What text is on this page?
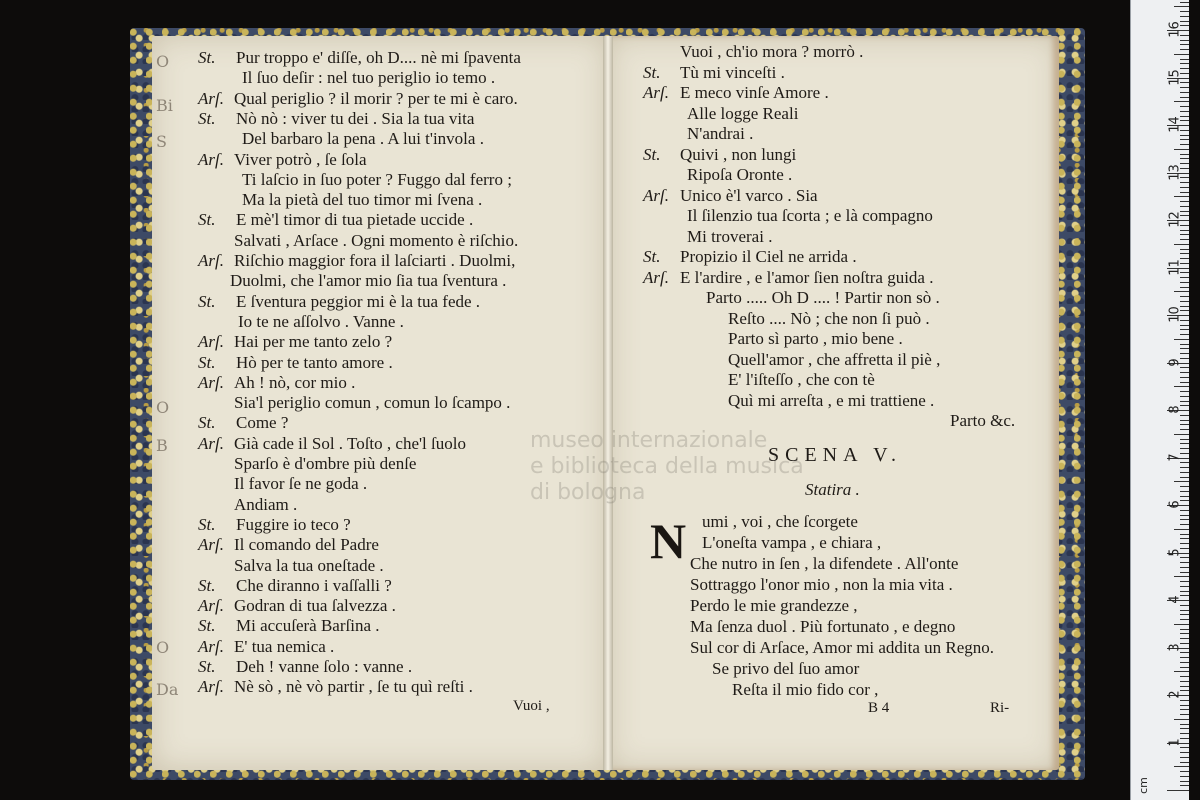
museo internazionale
e biblioteca della musica
di bologna
O
Bi
S
O
B
O
Da
St. Pur troppo e' diſſe, oh D.... nè mi ſpaventa
Il ſuo deſir : nel tuo periglio io temo .
Arſ. Qual periglio ? il morir ? per te mi è caro.
St. Nò nò : viver tu dei . Sia la tua vita
Del barbaro la pena . A lui t'invola .
Arſ. Viver potrò , ſe ſola
Ti laſcio in ſuo poter ? Fuggo dal ferro ;
Ma la pietà del tuo timor mi ſvena .
St. E mè'l timor di tua pietade uccide .
Salvati , Arſace . Ogni momento è riſchio.
Arſ. Riſchio maggior fora il laſciarti . Duolmi,
Duolmi, che l'amor mio ſia tua ſventura .
St. E ſventura peggior mi è la tua fede .
Io te ne aſſolvo . Vanne .
Arſ. Hai per me tanto zelo ?
St. Hò per te tanto amore .
Arſ. Ah ! nò, cor mio .
Sia'l periglio comun , comun lo ſcampo .
St. Come ?
Arſ. Già cade il Sol . Toſto , che'l ſuolo
Sparſo è d'ombre più denſe
Il favor ſe ne goda .
Andiam .
St. Fuggire io teco ?
Arſ. Il comando del Padre
Salva la tua oneſtade .
St. Che diranno i vaſſalli ?
Arſ. Godran di tua ſalvezza .
St. Mi accuſerà Barſina .
Arſ. E' tua nemica .
St. Deh ! vanne ſolo : vanne .
Arſ. Nè sò , nè vò partir , ſe tu quì reſti .
Vuoi ,
Vuoi , ch'io mora ? morrò .
St. Tù mi vinceſti .
Arſ. E meco vinſe Amore .
Alle logge Reali
N'andrai .
St. Quivi , non lungi
Ripoſa Oronte .
Arſ. Unico è'l varco . Sia
Il ſilenzio tua ſcorta ; e là compagno
Mi troverai .
St. Propizio il Ciel ne arrida .
Arſ. E l'ardire , e l'amor ſien noſtra guida .
Parto ..... Oh D .... ! Partir non sò .
Reſto .... Nò ; che non ſi può .
Parto sì parto , mio bene .
Quell'amor , che affretta il piè ,
E' l'iſteſſo , che con tè
Quì mi arreſta , e mi trattiene .
Parto &c.
SCENA V.
Statira .
N umi , voi , che ſcorgete
L'oneſta vampa , e chiara ,
Che nutro in ſen , la difendete . All'onte
Sottraggo l'onor mio , non la mia vita .
Perdo le mie grandezze ,
Ma ſenza duol . Più fortunato , e degno
Sul cor di Arſace, Amor mi addita un Regno.
Se privo del ſuo amor
Reſta il mio fido cor ,
B 4	Ri-
cm
1
2
3
4
5
6
7
8
9
10
11
12
13
14
15
16
